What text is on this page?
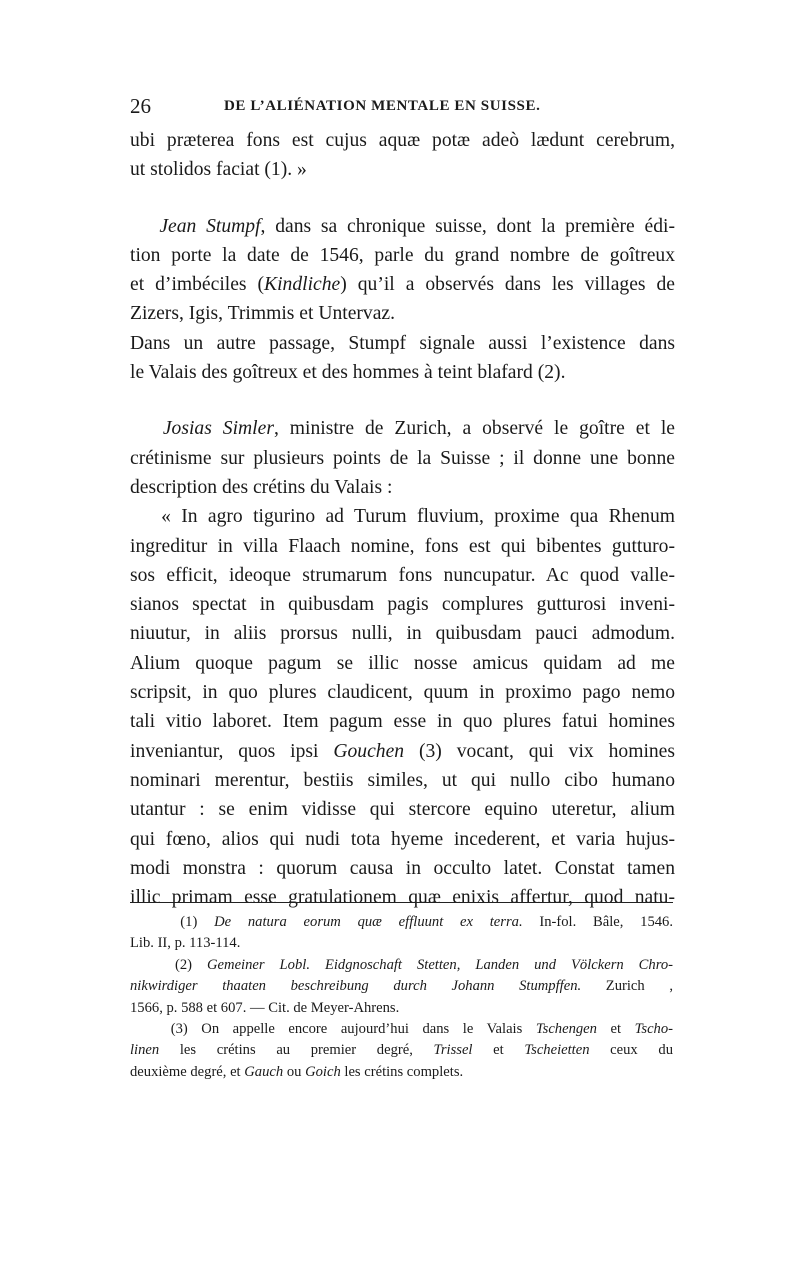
26	DE L’ALIÉNATION MENTALE EN SUISSE.
ubi præterea fons est cujus aquæ potæ adeò lædunt cerebrum,
ut stolidos faciat (1). »
Jean Stumpf, dans sa chronique suisse, dont la première édi-
tion porte la date de 1546, parle du grand nombre de goîtreux
et d’imbéciles (Kindliche) qu’il a observés dans les villages de
Zizers, Igis, Trimmis et Untervaz.
Dans un autre passage, Stumpf signale aussi l’existence dans
le Valais des goîtreux et des hommes à teint blafard (2).
Josias Simler, ministre de Zurich, a observé le goître et le
crétinisme sur plusieurs points de la Suisse ; il donne une bonne
description des crétins du Valais :
« In agro tigurino ad Turum fluvium, proxime qua Rhenum
ingreditur in villa Flaach nomine, fons est qui bibentes gutturo-
sos efficit, ideoque strumarum fons nuncupatur. Ac quod valle-
sianos spectat in quibusdam pagis complures gutturosi inveni-
niuutur, in aliis prorsus nulli, in quibusdam pauci admodum.
Alium quoque pagum se illic nosse amicus quidam ad me
scripsit, in quo plures claudicent, quum in proximo pago nemo
tali vitio laboret. Item pagum esse in quo plures fatui homines
inveniantur, quos ipsi Gouchen (3) vocant, qui vix homines
nominari merentur, bestiis similes, ut qui nullo cibo humano
utantur : se enim vidisse qui stercore equino uteretur, alium
qui fœno, alios qui nudi tota hyeme incederent, et varia hujus-
modi monstra : quorum causa in occulto latet. Constat tamen
illic primam esse gratulationem quæ enixis affertur, quod natu-
(1) De natura eorum quæ effluunt ex terra. In-fol. Bâle, 1546.
Lib. II, p. 113-114.
(2) Gemeiner Lobl. Eidgnoschaft Stetten, Landen und Völckern Chro-
nikwirdiger thaaten beschreibung durch Johann Stumpffen. Zurich ,
1566, p. 588 et 607. — Cit. de Meyer-Ahrens.
(3) On appelle encore aujourd’hui dans le Valais Tschengen et Tscho-
linen les crétins au premier degré, Trissel et Tscheietten ceux du
deuxième degré, et Gauch ou Goich les crétins complets.
